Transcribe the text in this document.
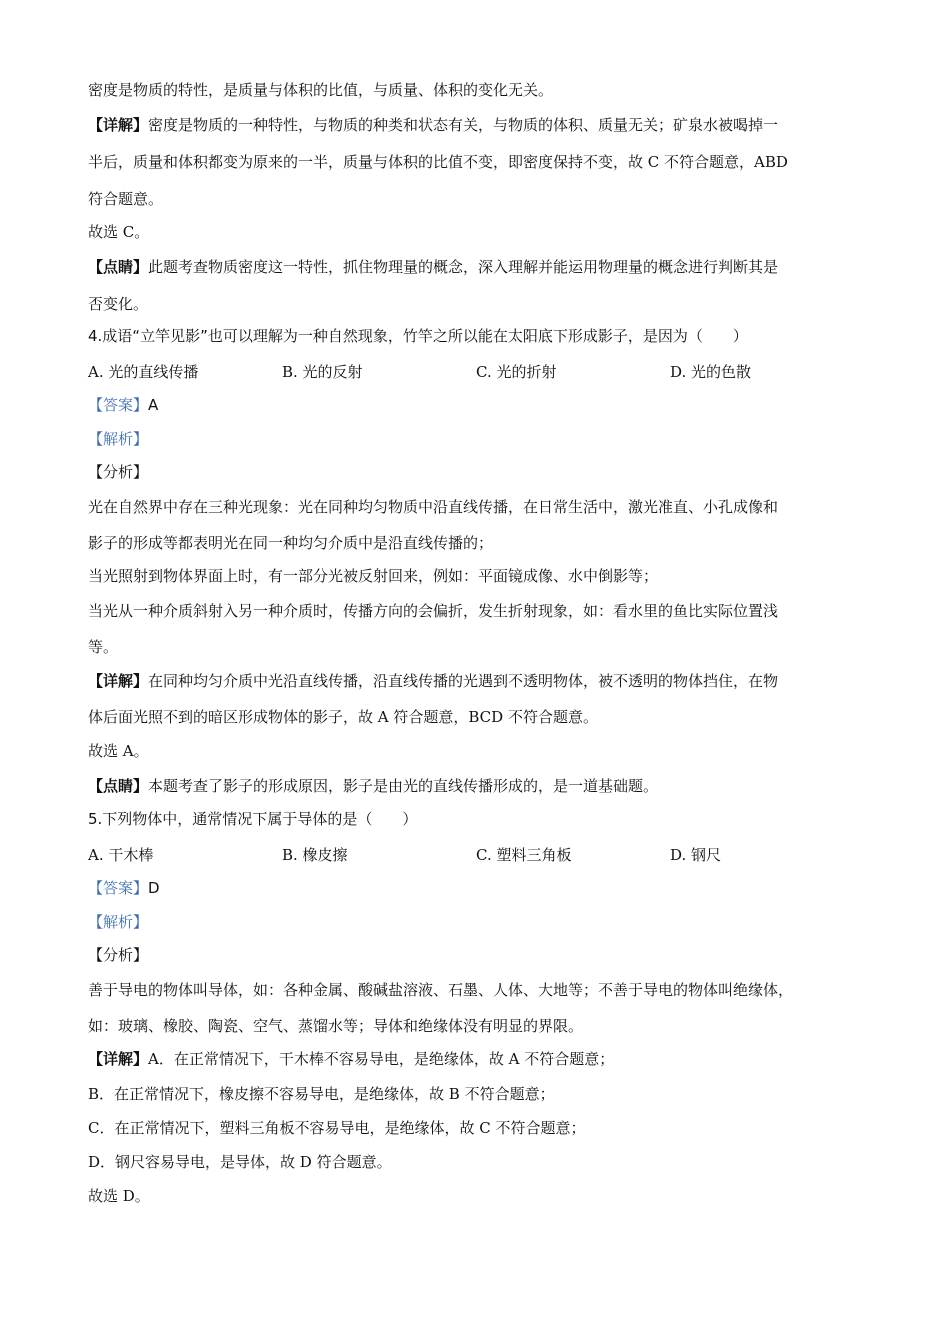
密度是物质的特性，是质量与体积的比值，与质量、体积的变化无关。
【详解】密度是物质的一种特性，与物质的种类和状态有关，与物质的体积、质量无关；矿泉水被喝掉一
半后，质量和体积都变为原来的一半，质量与体积的比值不变，即密度保持不变，故 C 不符合题意，ABD
符合题意。
故选 C。
【点睛】此题考查物质密度这一特性，抓住物理量的概念，深入理解并能运用物理量的概念进行判断其是
否变化。
4.成语“立竿见影”也可以理解为一种自然现象，竹竿之所以能在太阳底下形成影子，是因为（　　）
A. 光的直线传播	B. 光的反射	C. 光的折射	D. 光的色散
【答案】A
【解析】
【分析】
光在自然界中存在三种光现象：光在同种均匀物质中沿直线传播，在日常生活中，激光准直、小孔成像和
影子的形成等都表明光在同一种均匀介质中是沿直线传播的；
当光照射到物体界面上时，有一部分光被反射回来，例如：平面镜成像、水中倒影等；
当光从一种介质斜射入另一种介质时，传播方向的会偏折，发生折射现象，如：看水里的鱼比实际位置浅
等。
【详解】在同种均匀介质中光沿直线传播，沿直线传播的光遇到不透明物体，被不透明的物体挡住，在物
体后面光照不到的暗区形成物体的影子，故 A 符合题意，BCD 不符合题意。
故选 A。
【点睛】本题考查了影子的形成原因，影子是由光的直线传播形成的，是一道基础题。
5.下列物体中，通常情况下属于导体的是（　　）
A. 干木棒	B. 橡皮擦	C. 塑料三角板	D. 钢尺
【答案】D
【解析】
【分析】
善于导电的物体叫导体，如：各种金属、酸碱盐溶液、石墨、人体、大地等；不善于导电的物体叫绝缘体，
如：玻璃、橡胶、陶瓷、空气、蒸馏水等；导体和绝缘体没有明显的界限。
【详解】A．在正常情况下，干木棒不容易导电，是绝缘体，故 A 不符合题意；
B．在正常情况下，橡皮擦不容易导电，是绝缘体，故 B 不符合题意；
C．在正常情况下，塑料三角板不容易导电，是绝缘体，故 C 不符合题意；
D．钢尺容易导电，是导体，故 D 符合题意。
故选 D。
